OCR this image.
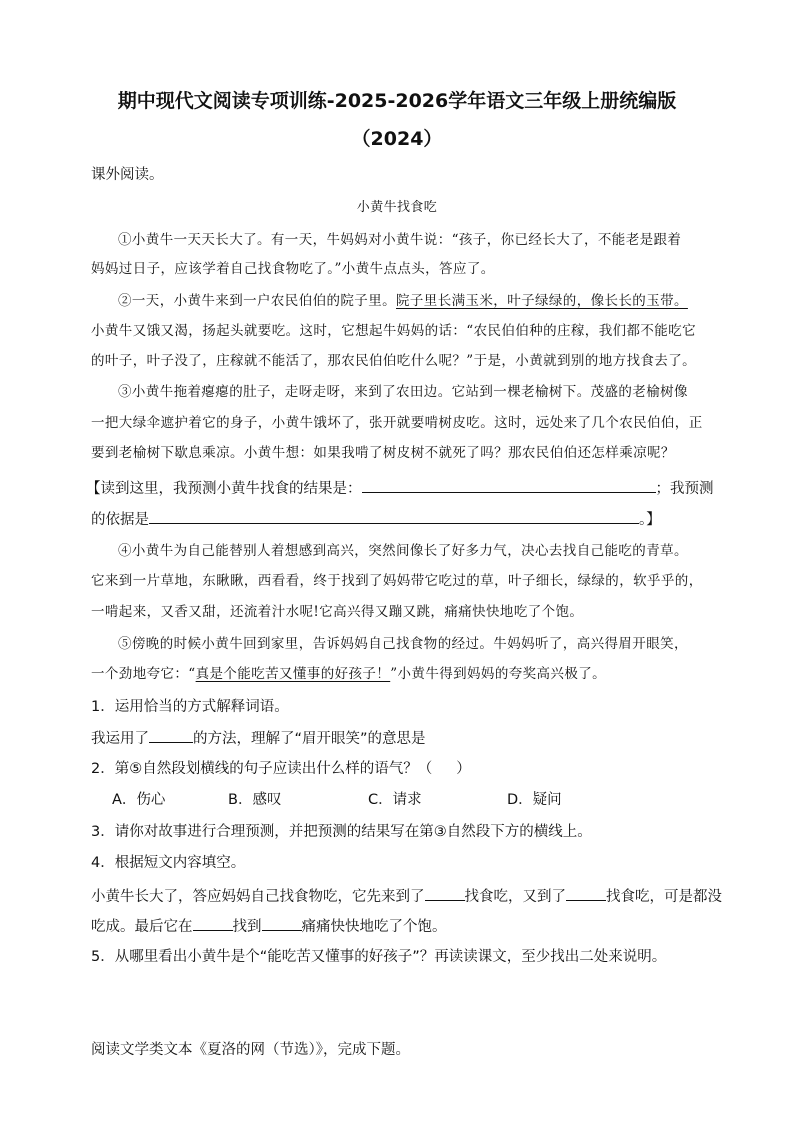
期中现代文阅读专项训练-2025-2026学年语文三年级上册统编版
（2024）
课外阅读。
小黄牛找食吃
①小黄牛一天天长大了。有一天，牛妈妈对小黄牛说：“孩子，你已经长大了，不能老是跟着
妈妈过日子，应该学着自己找食物吃了。”小黄牛点点头，答应了。
②一天，小黄牛来到一户农民伯伯的院子里。院子里长满玉米，叶子绿绿的，像长长的玉带。
小黄牛又饿又渴，扬起头就要吃。这时，它想起牛妈妈的话：“农民伯伯种的庄稼，我们都不能吃它
的叶子，叶子没了，庄稼就不能活了，那农民伯伯吃什么呢？”于是，小黄就到别的地方找食去了。
③小黄牛拖着瘪瘪的肚子，走呀走呀，来到了农田边。它站到一棵老榆树下。茂盛的老榆树像
一把大绿伞遮护着它的身子，小黄牛饿坏了，张开就要啃树皮吃。这时，远处来了几个农民伯伯，正
要到老榆树下歇息乘凉。小黄牛想：如果我啃了树皮树不就死了吗？那农民伯伯还怎样乘凉呢？
【读到这里，我预测小黄牛找食的结果是：	；我预测
的依据是	。】
④小黄牛为自己能替别人着想感到高兴，突然间像长了好多力气，决心去找自己能吃的青草。
它来到一片草地，东瞅瞅，西看看，终于找到了妈妈带它吃过的草，叶子细长，绿绿的，软乎乎的，
一啃起来，又香又甜，还流着汁水呢!它高兴得又蹦又跳，痛痛快快地吃了个饱。
⑤傍晚的时候小黄牛回到家里，告诉妈妈自己找食物的经过。牛妈妈听了，高兴得眉开眼笑，
一个劲地夸它：“真是个能吃苦又懂事的好孩子！”小黄牛得到妈妈的夸奖高兴极了。
1．运用恰当的方式解释词语。
我运用了	的方法，理解了“眉开眼笑”的意思是
2．第⑤自然段划横线的句子应读出什么样的语气？（ ）
A．伤心	B．感叹	C．请求	D．疑问
3．请你对故事进行合理预测，并把预测的结果写在第③自然段下方的横线上。
4．根据短文内容填空。
小黄牛长大了，答应妈妈自己找食物吃，它先来到了	找食吃，又到了	找食吃，可是都没
吃成。最后它在	找到	痛痛快快地吃了个饱。
5．从哪里看出小黄牛是个“能吃苦又懂事的好孩子”？再读读课文，至少找出二处来说明。
阅读文学类文本《夏洛的网（节选）》，完成下题。
